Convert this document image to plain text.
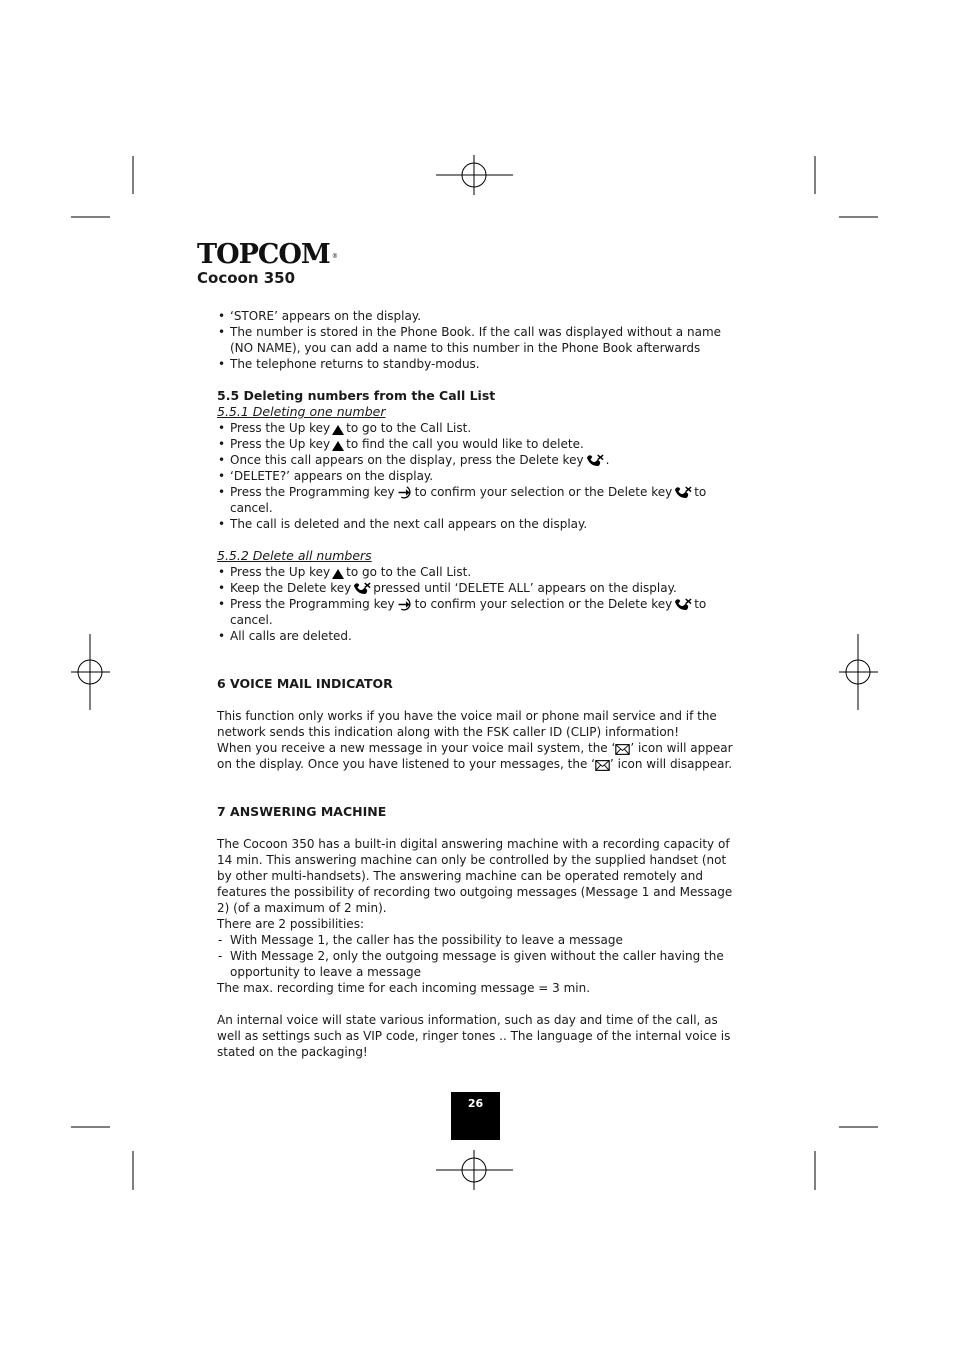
TOPCOM ®
Cocoon 350
• ‘STORE’ appears on the display.
• The number is stored in the Phone Book. If the call was displayed without a name (NO NAME), you can add a name to this number in the Phone Book afterwards
• The telephone returns to standby-modus.
5.5 Deleting numbers from the Call List
5.5.1 Deleting one number
• Press the Up key to go to the Call List.
• Press the Up key to find the call you would like to delete.
• Once this call appears on the display, press the Delete key .
• ‘DELETE?’ appears on the display.
• Press the Programming key to confirm your selection or the Delete key to cancel.
• The call is deleted and the next call appears on the display.
5.5.2 Delete all numbers
• Press the Up key to go to the Call List.
• Keep the Delete key pressed until ‘DELETE ALL’ appears on the display.
• Press the Programming key to confirm your selection or the Delete key to cancel.
• All calls are deleted.
6 VOICE MAIL INDICATOR

This function only works if you have the voice mail or phone mail service and if the network sends this indication along with the FSK caller ID (CLIP) information!

When you receive a new message in your voice mail system, the ‘ ’ icon will appear on the display. Once you have listened to your messages, the ‘ ’ icon will disappear.

7 ANSWERING MACHINE

The Cocoon 350 has a built-in digital answering machine with a recording capacity of 14 min. This answering machine can only be controlled by the supplied handset (not by other multi-handsets). The answering machine can be operated remotely and features the possibility of recording two outgoing messages (Message 1 and Message 2) (of a maximum of 2 min).

There are 2 possibilities:

- With Message 1, the caller has the possibility to leave a message
- With Message 2, only the outgoing message is given without the caller having the opportunity to leave a message

The max. recording time for each incoming message = 3 min.

An internal voice will state various information, such as day and time of the call, as well as settings such as VIP code, ringer tones .. The language of the internal voice is stated on the packaging!

26
